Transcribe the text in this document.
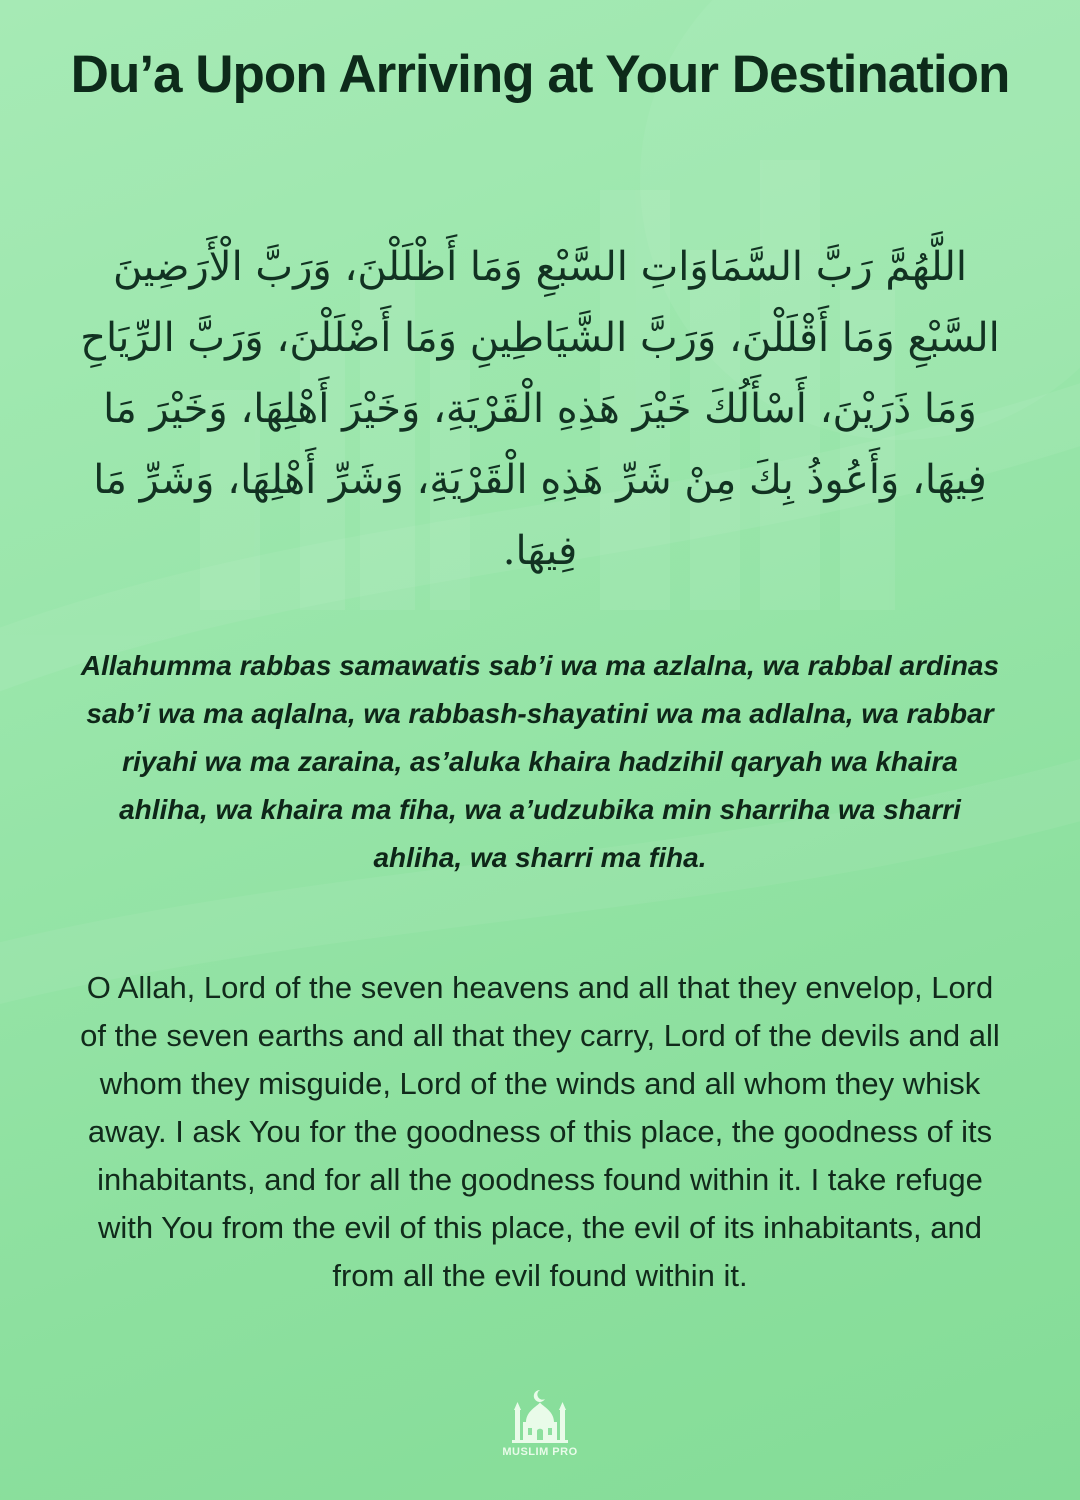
Du’a Upon Arriving at Your Destination
اللَّهُمَّ رَبَّ السَّمَاوَاتِ السَّبْعِ وَمَا أَظْلَلْنَ، وَرَبَّ الْأَرَضِينَ السَّبْعِ وَمَا أَقْلَلْنَ، وَرَبَّ الشَّيَاطِينِ وَمَا أَضْلَلْنَ، وَرَبَّ الرِّيَاحِ وَمَا ذَرَيْنَ، أَسْأَلُكَ خَيْرَ هَذِهِ الْقَرْيَةِ، وَخَيْرَ أَهْلِهَا، وَخَيْرَ مَا فِيهَا، وَأَعُوذُ بِكَ مِنْ شَرِّ هَذِهِ الْقَرْيَةِ، وَشَرِّ أَهْلِهَا، وَشَرِّ مَا فِيهَا.
Allahumma rabbas samawatis sab’i wa ma azlalna, wa rabbal ardinas sab’i wa ma aqlalna, wa rabbash-shayatini wa ma adlalna, wa rabbar riyahi wa ma zaraina, as’aluka khaira hadzihil qaryah wa khaira ahliha, wa khaira ma fiha, wa a’udzubika min sharriha wa sharri ahliha, wa sharri ma fiha.
O Allah, Lord of the seven heavens and all that they envelop, Lord of the seven earths and all that they carry, Lord of the devils and all whom they misguide, Lord of the winds and all whom they whisk away. I ask You for the goodness of this place, the goodness of its inhabitants, and for all the goodness found within it. I take refuge with You from the evil of this place, the evil of its inhabitants, and from all the evil found within it.
MUSLIM PRO
